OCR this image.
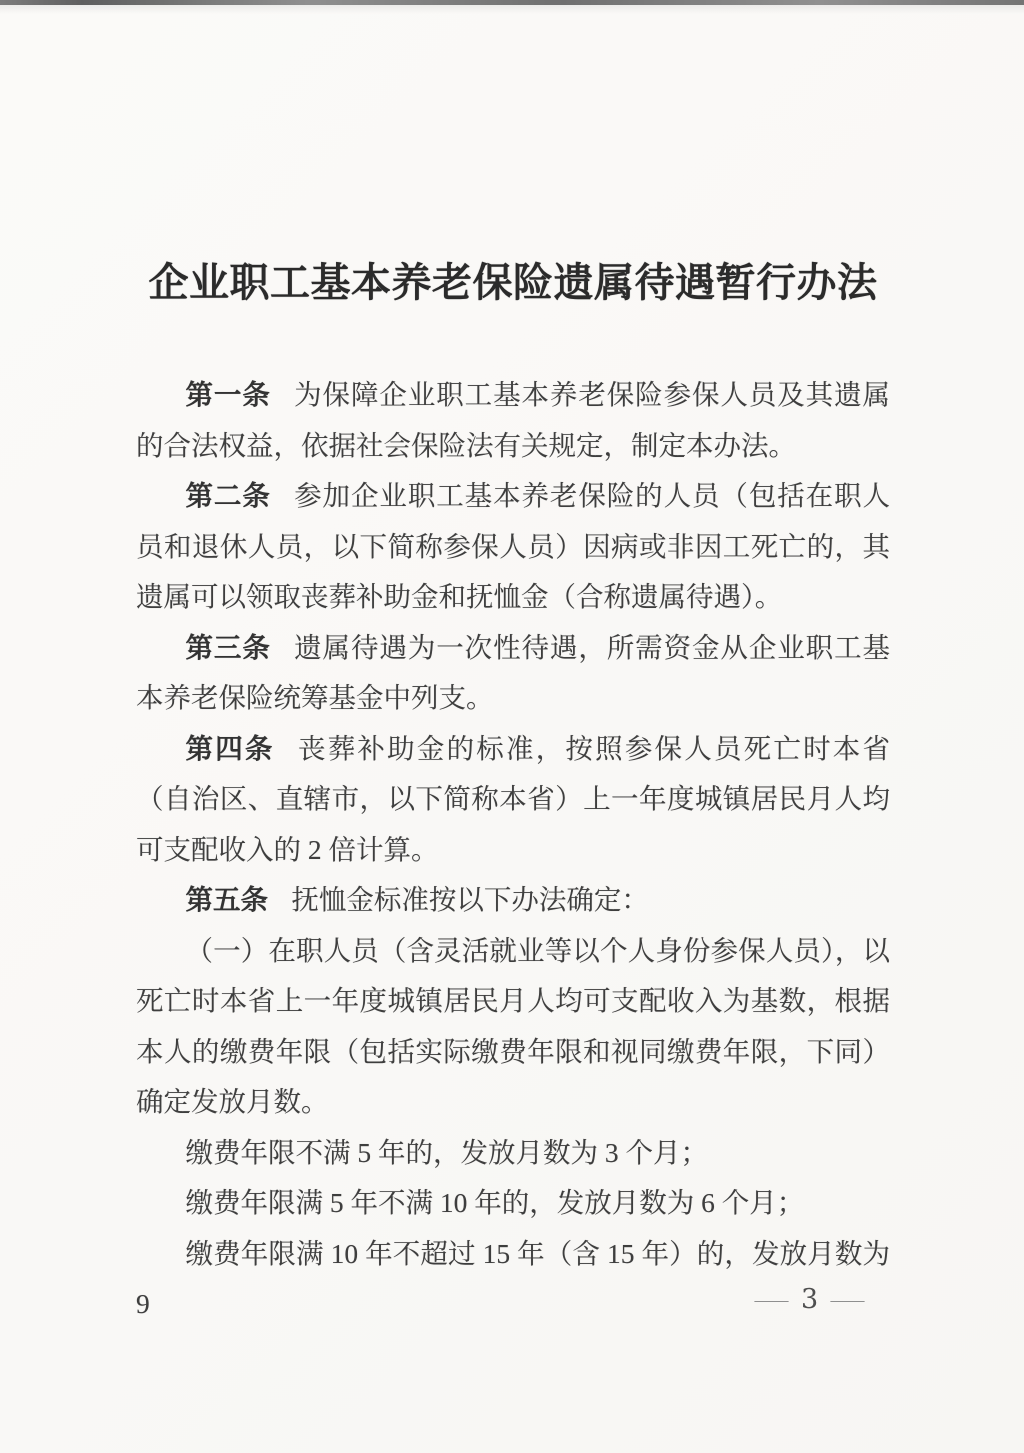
企业职工基本养老保险遗属待遇暂行办法

第一条 为保障企业职工基本养老保险参保人员及其遗属的合法权益，依据社会保险法有关规定，制定本办法。

第二条 参加企业职工基本养老保险的人员（包括在职人员和退休人员，以下简称参保人员）因病或非因工死亡的，其遗属可以领取丧葬补助金和抚恤金（合称遗属待遇）。

第三条 遗属待遇为一次性待遇，所需资金从企业职工基本养老保险统筹基金中列支。

第四条 丧葬补助金的标准，按照参保人员死亡时本省（自治区、直辖市，以下简称本省）上一年度城镇居民月人均可支配收入的 2 倍计算。

第五条 抚恤金标准按以下办法确定：

（一）在职人员（含灵活就业等以个人身份参保人员），以死亡时本省上一年度城镇居民月人均可支配收入为基数，根据本人的缴费年限（包括实际缴费年限和视同缴费年限，下同）确定发放月数。

缴费年限不满 5 年的，发放月数为 3 个月；

缴费年限满 5 年不满 10 年的，发放月数为 6 个月；

缴费年限满 10 年不超过 15 年（含 15 年）的，发放月数为 9	— 3 —
